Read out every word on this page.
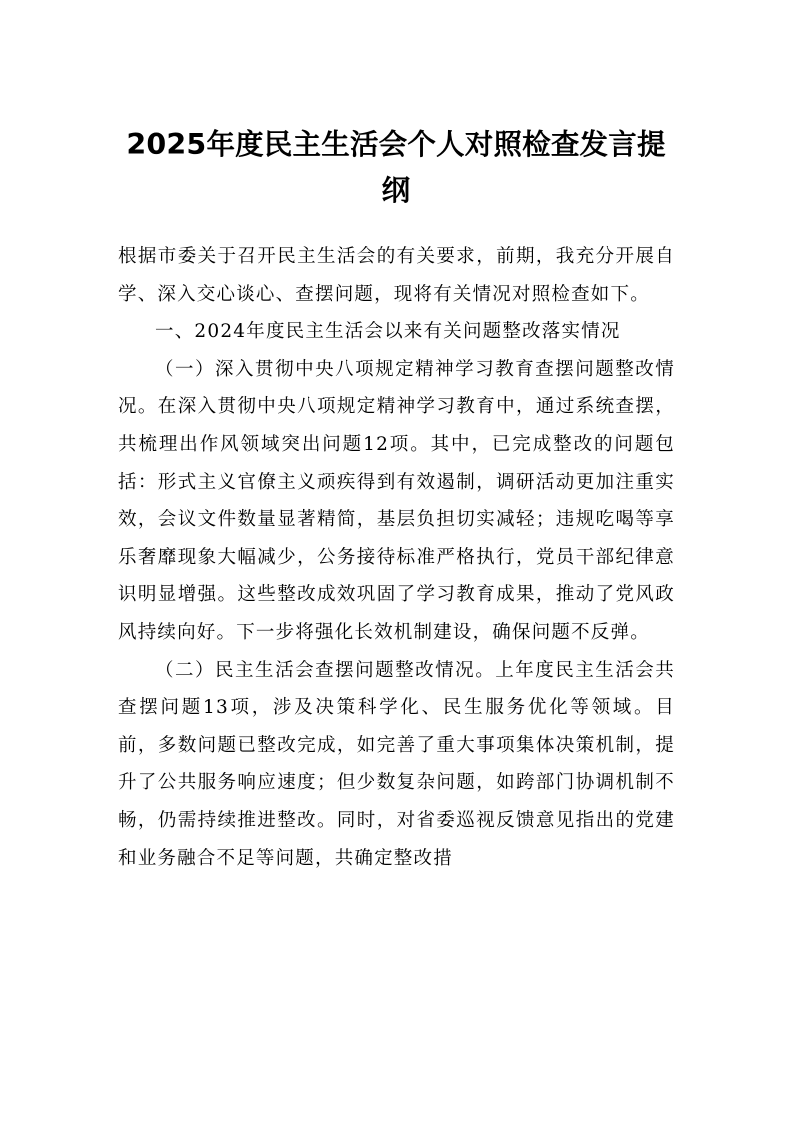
2025年度民主生活会个人对照检查发言提纲

根据市委关于召开民主生活会的有关要求，前期，我充分开展自学、深入交心谈心、查摆问题，现将有关情况对照检查如下。

一、2024年度民主生活会以来有关问题整改落实情况

（一）深入贯彻中央八项规定精神学习教育查摆问题整改情况。在深入贯彻中央八项规定精神学习教育中，通过系统查摆，共梳理出作风领域突出问题12项。其中，已完成整改的问题包括：形式主义官僚主义顽疾得到有效遏制，调研活动更加注重实效，会议文件数量显著精简，基层负担切实减轻；违规吃喝等享乐奢靡现象大幅减少，公务接待标准严格执行，党员干部纪律意识明显增强。这些整改成效巩固了学习教育成果，推动了党风政风持续向好。下一步将强化长效机制建设，确保问题不反弹。

（二）民主生活会查摆问题整改情况。上年度民主生活会共查摆问题13项，涉及决策科学化、民生服务优化等领域。目前，多数问题已整改完成，如完善了重大事项集体决策机制，提升了公共服务响应速度；但少数复杂问题，如跨部门协调机制不畅，仍需持续推进整改。同时，对省委巡视反馈意见指出的党建和业务融合不足等问题，共确定整改措
